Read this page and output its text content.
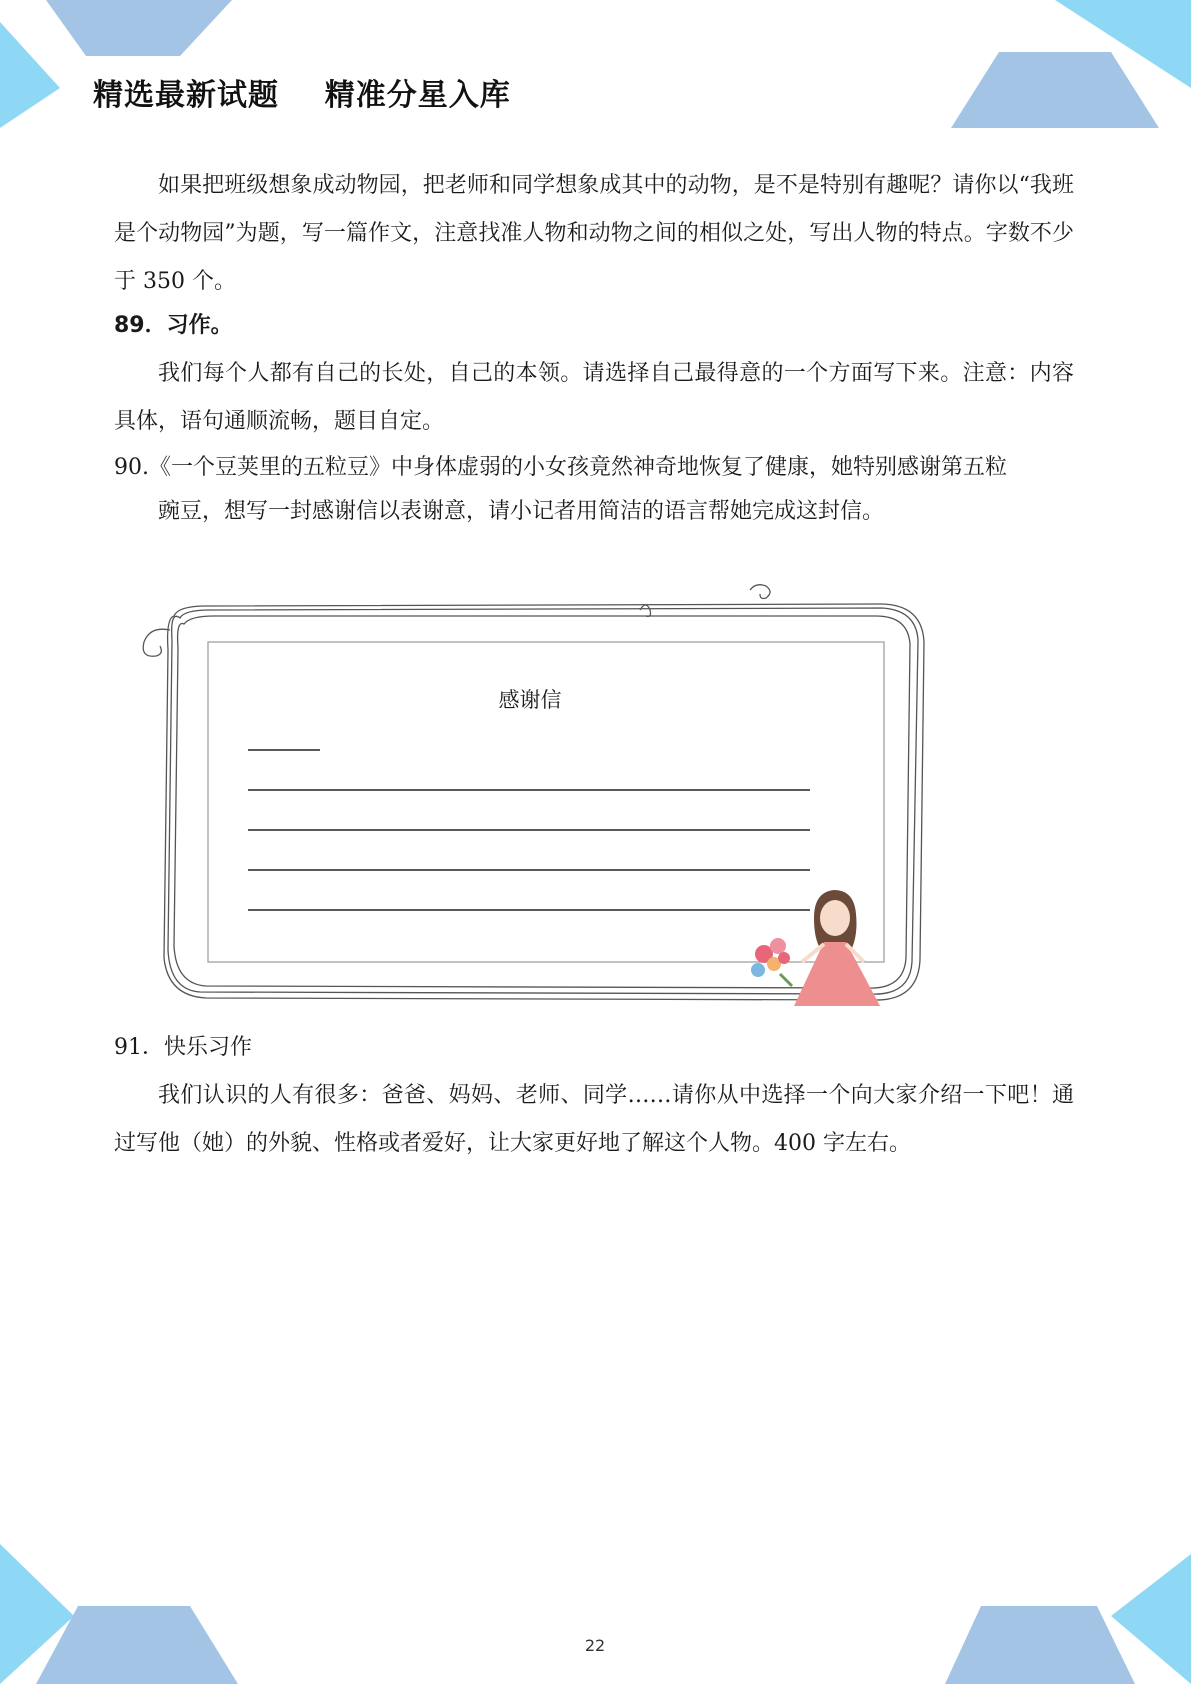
精选最新试题    精准分星入库

如果把班级想象成动物园，把老师和同学想象成其中的动物，是不是特别有趣呢？请你以“我班是个动物园”为题，写一篇作文，注意找准人物和动物之间的相似之处，写出人物的特点。字数不少于 350 个。

89．习作。

我们每个人都有自己的长处，自己的本领。请选择自己最得意的一个方面写下来。注意：内容具体，语句通顺流畅，题目自定。

90.《一个豆荚里的五粒豆》中身体虚弱的小女孩竟然神奇地恢复了健康，她特别感谢第五粒

豌豆，想写一封感谢信以表谢意，请小记者用简洁的语言帮她完成这封信。

感谢信

91．快乐习作

我们认识的人有很多：爸爸、妈妈、老师、同学……请你从中选择一个向大家介绍一下吧！通过写他（她）的外貌、性格或者爱好，让大家更好地了解这个人物。400 字左右。

22
